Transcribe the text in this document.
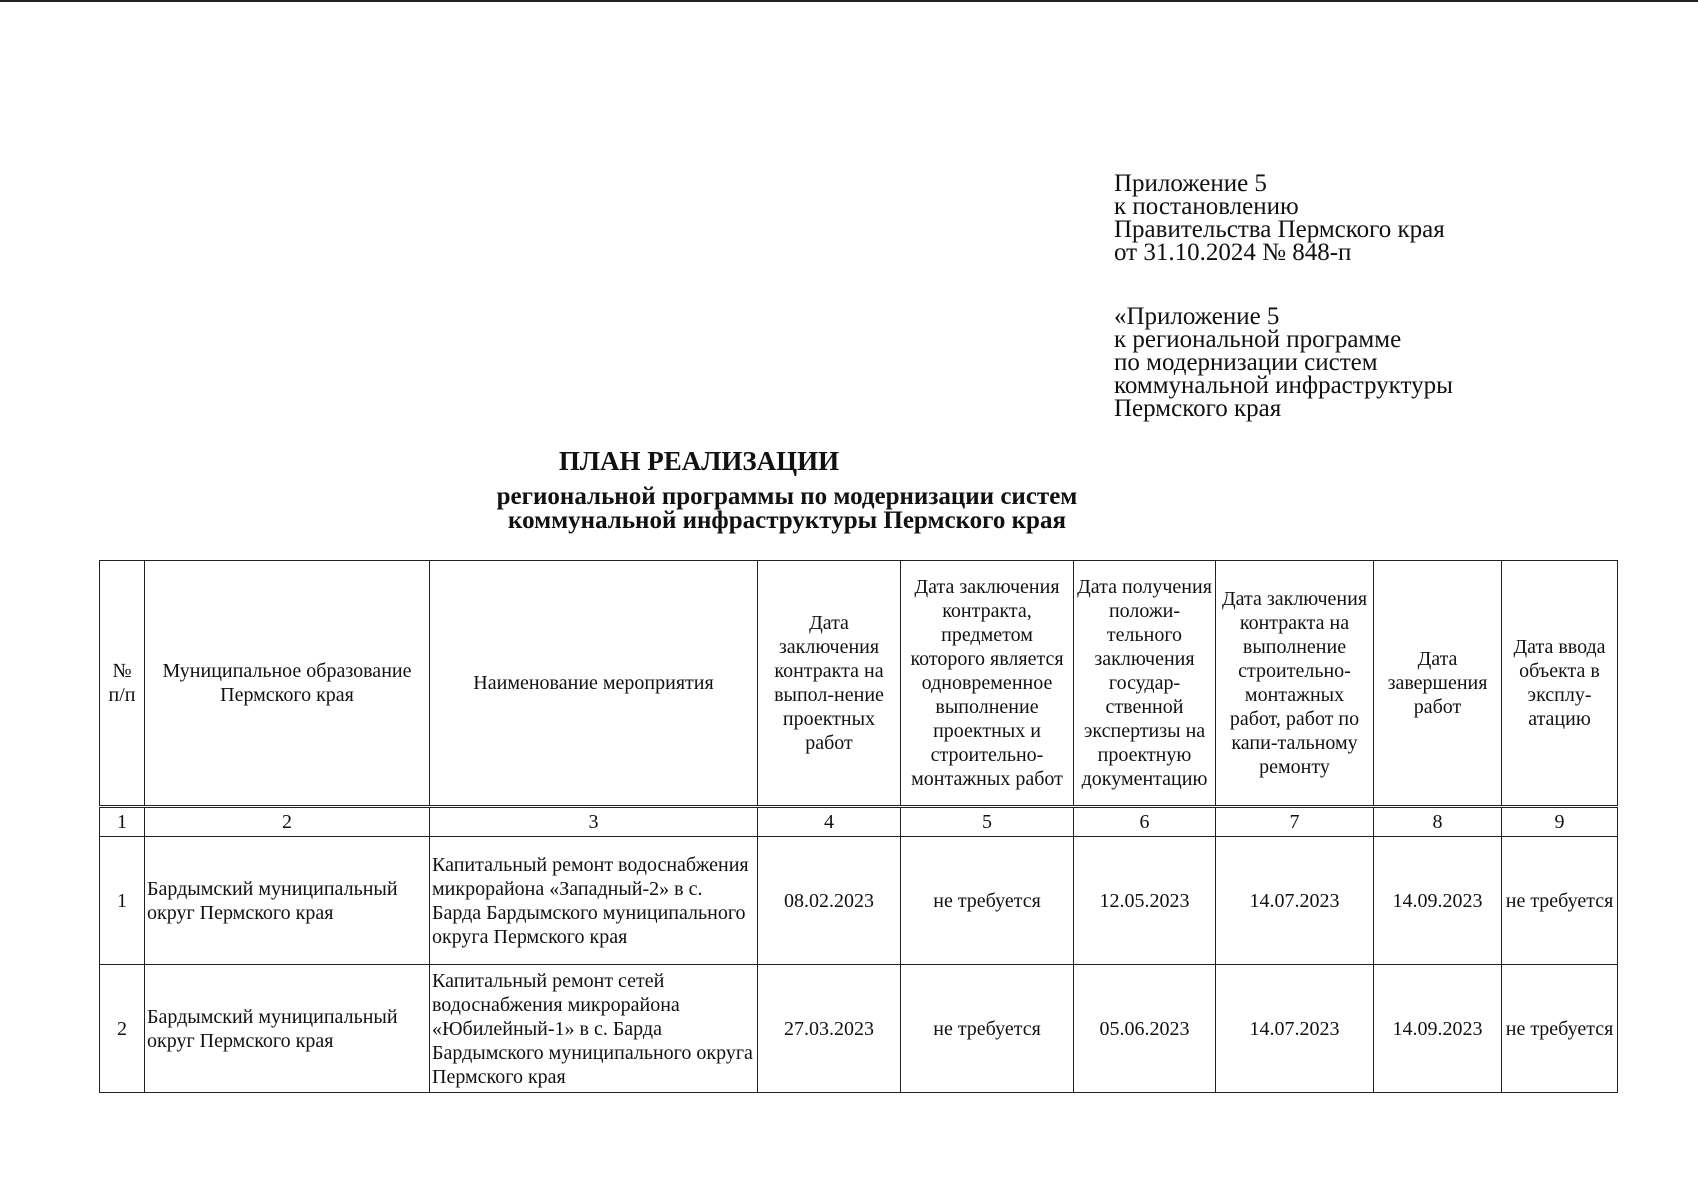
Приложение 5
к постановлению
Правительства Пермского края
от 31.10.2024 № 848-п
«Приложение 5
к региональной программе
по модернизации систем
коммунальной инфраструктуры
Пермского края
ПЛАН РЕАЛИЗАЦИИ
региональной программы по модернизации систем
коммунальной инфраструктуры Пермского края
№ п/п	Муниципальное образование Пермского края	Наименование мероприятия	Дата заключения контракта на выпол-нение проектных работ	Дата заключения контракта, предметом которого является одновременное выполнение проектных и строительно-монтажных работ	Дата получения положи-тельного заключения государ-ственной экспертизы на проектную документацию	Дата заключения контракта на выполнение строительно-монтажных работ, работ по капи-тальному ремонту	Дата завершения работ	Дата ввода объекта в эксплу-атацию
1	2	3	4	5	6	7	8	9
1	Бардымский муниципальный округ Пермского края	Капитальный ремонт водоснабжения микрорайона «Западный-2» в с. Барда Бардымского муниципального округа Пермского края	08.02.2023	не требуется	12.05.2023	14.07.2023	14.09.2023	не требуется
2	Бардымский муниципальный округ Пермского края	Капитальный ремонт сетей водоснабжения микрорайона «Юбилейный-1» в с. Барда Бардымского муниципального округа Пермского края	27.03.2023	не требуется	05.06.2023	14.07.2023	14.09.2023	не требуется
